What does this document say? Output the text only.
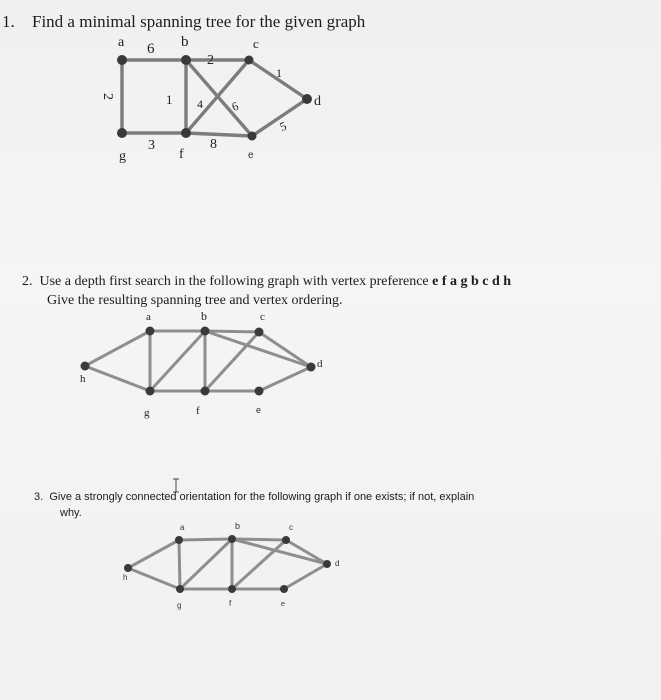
1. Find a minimal spanning tree for the given graph
a	b	c
d
e
f
g
6
2
1
2	1 4 6
3	8
5
a	b	c
d
e
f
g
h
a	b	c
d
e
f
g
h
2. Use a depth first search in the following graph with vertex preference e f a g b c d h
Give the resulting spanning tree and vertex ordering.
3. Give a strongly connected orientation for the following graph if one exists; if not, explain
why.
